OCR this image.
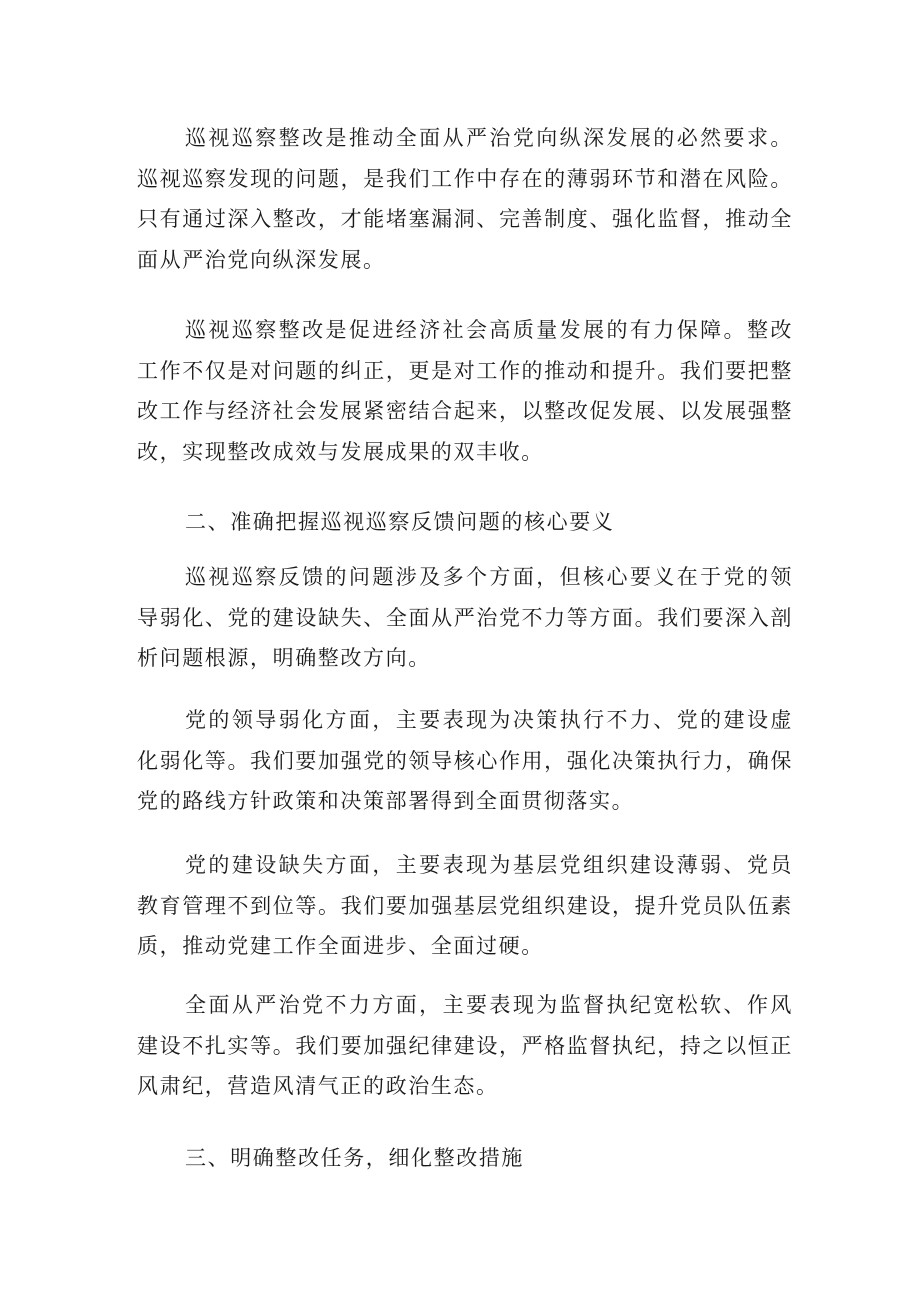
巡视巡察整改是推动全面从严治党向纵深发展的必然要求。巡视巡察发现的问题，是我们工作中存在的薄弱环节和潜在风险。只有通过深入整改，才能堵塞漏洞、完善制度、强化监督，推动全面从严治党向纵深发展。

巡视巡察整改是促进经济社会高质量发展的有力保障。整改工作不仅是对问题的纠正，更是对工作的推动和提升。我们要把整改工作与经济社会发展紧密结合起来，以整改促发展、以发展强整改，实现整改成效与发展成果的双丰收。

二、准确把握巡视巡察反馈问题的核心要义

巡视巡察反馈的问题涉及多个方面，但核心要义在于党的领导弱化、党的建设缺失、全面从严治党不力等方面。我们要深入剖析问题根源，明确整改方向。

党的领导弱化方面，主要表现为决策执行不力、党的建设虚化弱化等。我们要加强党的领导核心作用，强化决策执行力，确保党的路线方针政策和决策部署得到全面贯彻落实。

党的建设缺失方面，主要表现为基层党组织建设薄弱、党员教育管理不到位等。我们要加强基层党组织建设，提升党员队伍素质，推动党建工作全面进步、全面过硬。

全面从严治党不力方面，主要表现为监督执纪宽松软、作风建设不扎实等。我们要加强纪律建设，严格监督执纪，持之以恒正风肃纪，营造风清气正的政治生态。

三、明确整改任务，细化整改措施
